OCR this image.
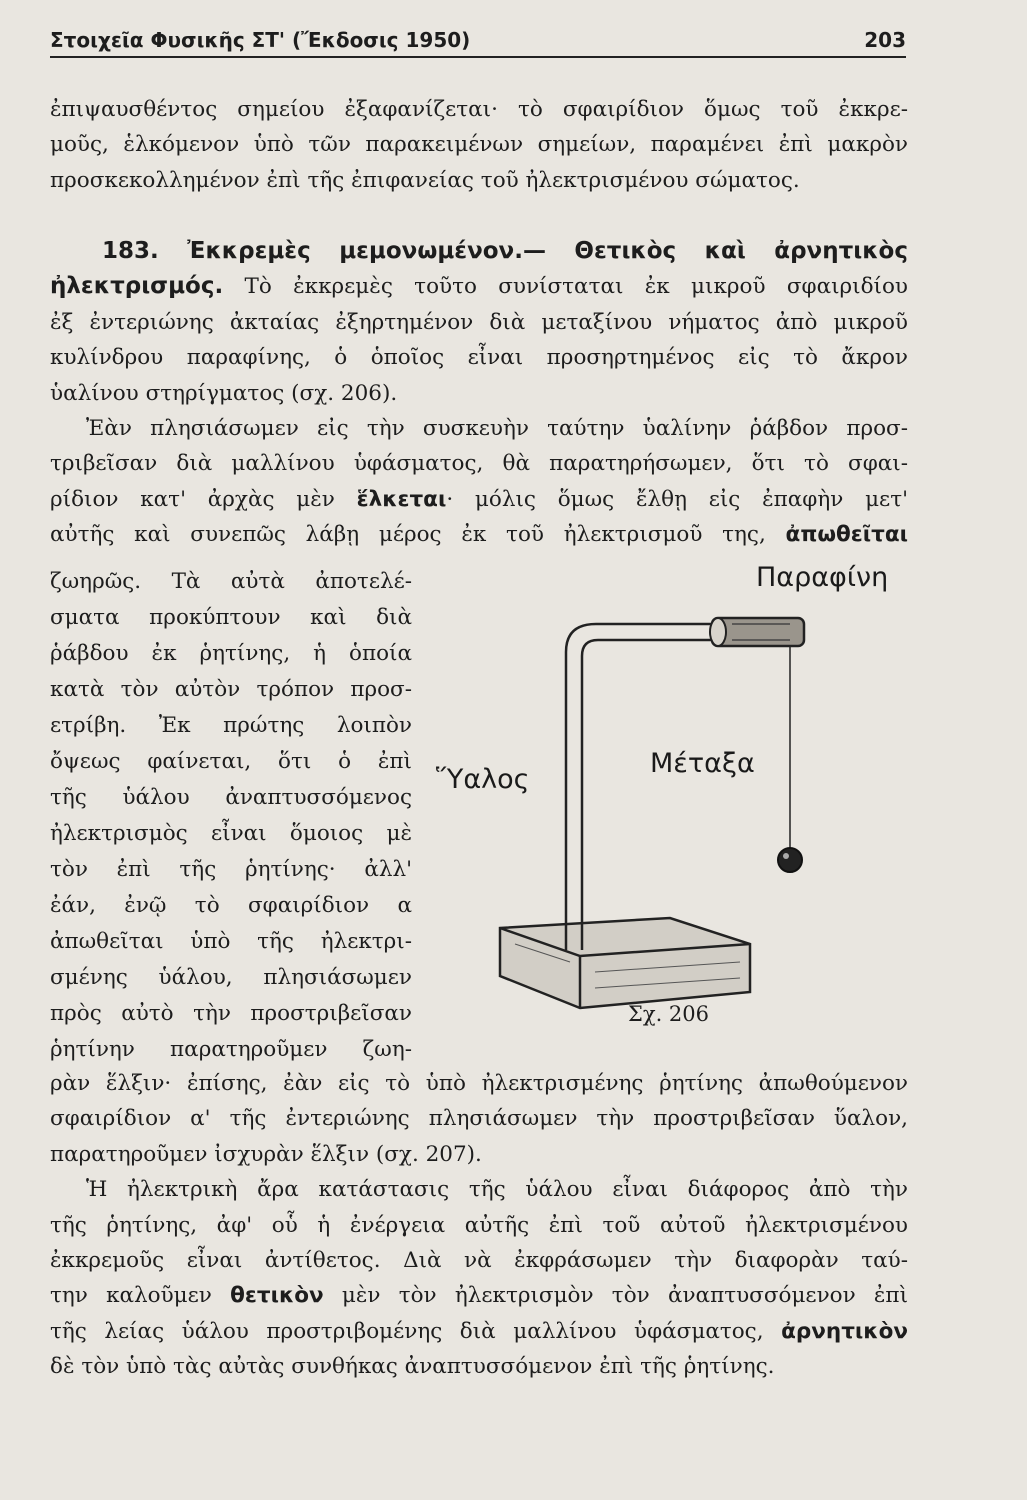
Στοιχεῖα Φυσικῆς ΣΤ' (Ἔκδοσις 1950)	203
ἐπιψαυσθέντος σημείου ἐξαφανίζεται· τὸ σφαιρίδιον ὅμως τοῦ ἐκκρε-
μοῦς, ἑλκόμενον ὑπὸ τῶν παρακειμένων σημείων, παραμένει ἐπὶ μακρὸν
προσκεκολλημένον ἐπὶ τῆς ἐπιφανείας τοῦ ἠλεκτρισμένου σώματος.
183. Ἐκκρεμὲς μεμονωμένον.— Θετικὸς καὶ ἀρνητικὸς
ἠλεκτρισμός. Τὸ ἐκκρεμὲς τοῦτο συνίσταται ἐκ μικροῦ σφαιριδίου
ἐξ ἐντεριώνης ἀκταίας ἐξηρτημένον διὰ μεταξίνου νήματος ἀπὸ μικροῦ
κυλίνδρου παραφίνης, ὁ ὁποῖος εἶναι προσηρτημένος εἰς τὸ ἄκρον
ὑαλίνου στηρίγματος (σχ. 206).
Ἐὰν πλησιάσωμεν εἰς τὴν συσκευὴν ταύτην ὑαλίνην ῥάβδον προσ-
τριβεῖσαν διὰ μαλλίνου ὑφάσματος, θὰ παρατηρήσωμεν, ὅτι τὸ σφαι-
ρίδιον κατ' ἀρχὰς μὲν ἕλκεται· μόλις ὅμως ἔλθῃ εἰς ἐπαφὴν μετ'
αὐτῆς καὶ συνεπῶς λάβῃ μέρος ἐκ τοῦ ἠλεκτρισμοῦ της, ἀπωθεῖται
ζωηρῶς. Τὰ αὐτὰ ἀποτελέ-
σματα προκύπτουν καὶ διὰ
ῥάβδου ἐκ ῥητίνης, ἡ ὁποία
κατὰ τὸν αὐτὸν τρόπον προσ-
ετρίβη. Ἐκ πρώτης λοιπὸν
ὄψεως φαίνεται, ὅτι ὁ ἐπὶ
τῆς ὑάλου ἀναπτυσσόμενος
ἠλεκτρισμὸς εἶναι ὅμοιος μὲ
τὸν ἐπὶ τῆς ῥητίνης· ἀλλ'
ἐάν, ἐνῷ τὸ σφαιρίδιον α
ἀπωθεῖται ὑπὸ τῆς ἠλεκτρι-
σμένης ὑάλου, πλησιάσωμεν
πρὸς αὐτὸ τὴν προστριβεῖσαν
ῥητίνην παρατηροῦμεν ζωη-
Παραφίνη
Μέταξα
Ὕαλος
Σχ. 206
ρὰν ἕλξιν· ἐπίσης, ἐὰν εἰς τὸ ὑπὸ ἠλεκτρισμένης ῥητίνης ἀπωθούμενον
σφαιρίδιον α' τῆς ἐντεριώνης πλησιάσωμεν τὴν προστριβεῖσαν ὕαλον,
παρατηροῦμεν ἰσχυρὰν ἕλξιν (σχ. 207).
Ἡ ἠλεκτρικὴ ἄρα κατάστασις τῆς ὑάλου εἶναι διάφορος ἀπὸ τὴν
τῆς ῥητίνης, ἀφ' οὗ ἡ ἐνέργεια αὐτῆς ἐπὶ τοῦ αὐτοῦ ἠλεκτρισμένου
ἐκκρεμοῦς εἶναι ἀντίθετος. Διὰ νὰ ἐκφράσωμεν τὴν διαφορὰν ταύ-
την καλοῦμεν θετικὸν μὲν τὸν ἠλεκτρισμὸν τὸν ἀναπτυσσόμενον ἐπὶ
τῆς λείας ὑάλου προστριβομένης διὰ μαλλίνου ὑφάσματος, ἀρνητικὸν
δὲ τὸν ὑπὸ τὰς αὐτὰς συνθήκας ἀναπτυσσόμενον ἐπὶ τῆς ῥητίνης.
